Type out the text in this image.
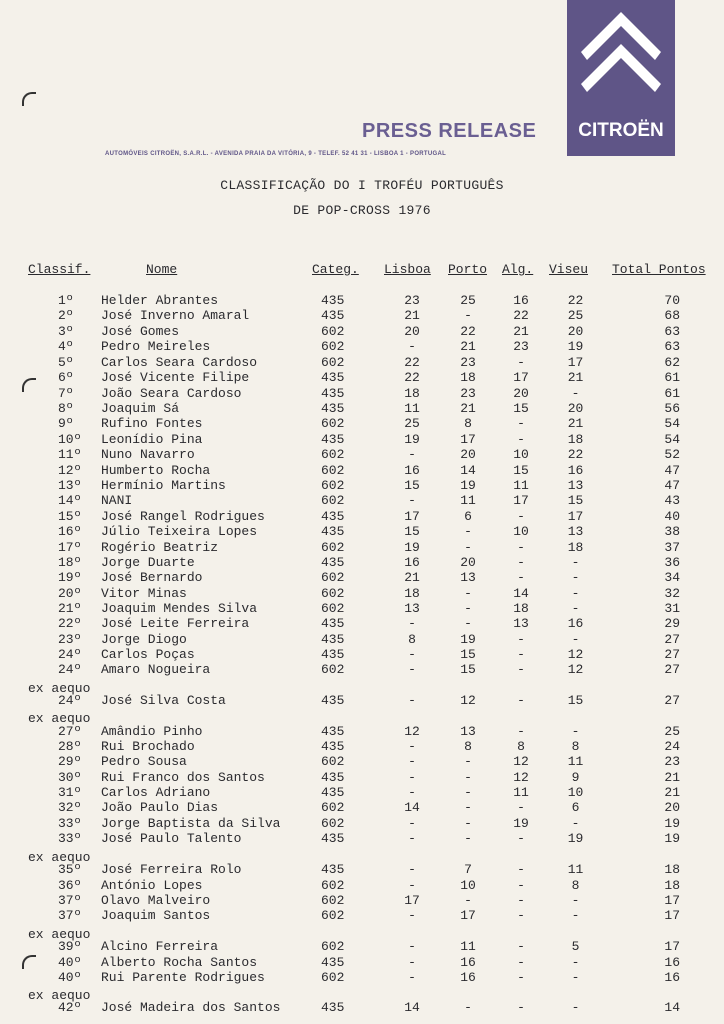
CITROËN
PRESS RELEASE
AUTOMÓVEIS CITROËN, S.A.R.L. - AVENIDA PRAIA DA VITÓRIA, 9 - TELEF. 52 41 31 - LISBOA 1 - PORTUGAL
CLASSIFICAÇÃO DO I TROFÉU PORTUGUÊS
DE POP-CROSS 1976
Classif.	Nome	Categ. Lisboa Porto Alg. Viseu Total Pontos
1º Helder Abrantes	435	23	25	16	22	70
2º José Inverno Amaral	435	21	-	22	25	68
3º José Gomes	602	20	22	21	20	63
4º Pedro Meireles	602	-	21	23	19	63
5º Carlos Seara Cardoso	602	22	23	-	17	62
6º José Vicente Filipe	435	22	18	17	21	61
7º João Seara Cardoso	435	18	23	20	-	61
8º Joaquim Sá	435	11	21	15	20	56
9º Rufino Fontes	602	25	8	-	21	54
10º Leonídio Pina	435	19	17	-	18	54
11º Nuno Navarro	602	-	20	10	22	52
12º Humberto Rocha	602	16	14	15	16	47
13º Hermínio Martins	602	15	19	11	13	47
14º NANI	602	-	11	17	15	43
15º José Rangel Rodrigues	435	17	6	-	17	40
16º Júlio Teixeira Lopes	435	15	-	10	13	38
17º Rogério Beatriz	602	19	-	-	18	37
18º Jorge Duarte	435	16	20	-	-	36
19º José Bernardo	602	21	13	-	-	34
20º Vitor Minas	602	18	-	14	-	32
21º Joaquim Mendes Silva	602	13	-	18	-	31
22º José Leite Ferreira	435	-	-	13	16	29
23º Jorge Diogo	435	8	19	-	-	27
24º Carlos Poças	435	-	15	-	12	27
24º Amaro Nogueira	602	-	15	-	12	27
24º José Silva Costa	435	-	12	-	15	27
27º Amândio Pinho	435	12	13	-	-	25
28º Rui Brochado	435	-	8	8	8	24
29º Pedro Sousa	602	-	-	12	11	23
30º Rui Franco dos Santos	435	-	-	12	9	21
31º Carlos Adriano	435	-	-	11	10	21
32º João Paulo Dias	602	14	-	-	6	20
33º Jorge Baptista da Silva	602	-	-	19	-	19
33º José Paulo Talento	435	-	-	-	19	19
35º José Ferreira Rolo	435	-	7	-	11	18
36º António Lopes	602	-	10	-	8	18
37º Olavo Malveiro	602	17	-	-	-	17
37º Joaquim Santos	602	-	17	-	-	17
39º Alcino Ferreira	602	-	11	-	5	17
40º Alberto Rocha Santos	435	-	16	-	-	16
40º Rui Parente Rodrigues	602	-	16	-	-	16
42º José Madeira dos Santos	435	14	-	-	-	14
ex aequo
ex aequo
ex aequo
ex aequo
ex aequo
